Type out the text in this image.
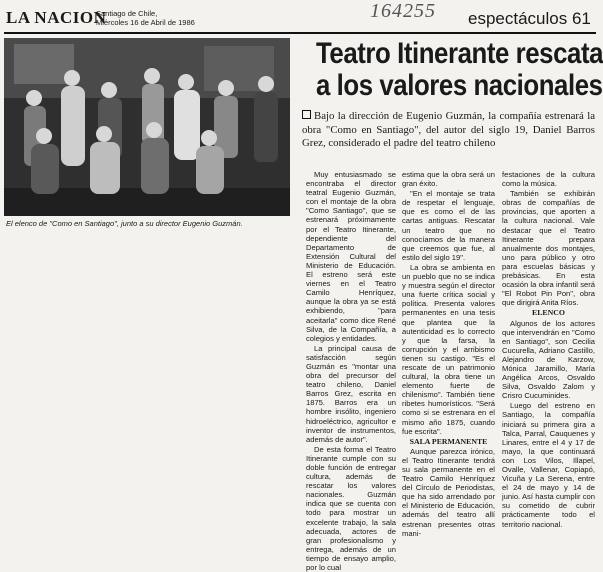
LA NACION
Santiago de Chile,
Miércoles 16 de Abril de 1986
164255 espectáculos 61
El elenco de "Como en Santiago", junto a su director Eugenio Guzmán.
Teatro Itinerante rescata
a los valores nacionales
Bajo la dirección de Eugenio Guzmán, la compañía estrenará la obra "Como en Santiago", del autor del siglo 19, Daniel Barros Grez, considerado el padre del teatro chileno

Muy entusiasmado se encontraba el director teatral Eugenio Guzmán, con el montaje de la obra "Como Santiago", que se estrenará próximamente por el Teatro Itinerante, dependiente del Departamento de Extensión Cultural del Ministerio de Educación. El estreno será este viernes en el Teatro Camilo Henríquez, aunque la obra ya se está exhibiendo, "para aceitarla" como dice René Silva, de la Compañía, a colegios y entidades.

La principal causa de satisfacción según Guzmán es "montar una obra del precursor del teatro chileno, Daniel Barros Grez, escrita en 1875. Barros era un hombre insólito, ingeniero hidroeléctrico, agricultor e inventor de instrumentos, además de autor".

De esta forma el Teatro Itinerante cumple con su doble función de entregar cultura, además de rescatar los valores nacionales. Guzmán indica que se cuenta con todo para mostrar un excelente trabajo, la sala adecuada, actores de gran profesionalismo y entrega, además de un tiempo de ensayo amplio, por lo cual

estima que la obra será un gran éxito.

"En el montaje se trata de respetar el lenguaje, que es como el de las cartas antiguas. Rescatar un teatro que no conocíamos de la manera que creemos que fue, al estilo del siglo 19".

La obra se ambienta en un pueblo que no se indica y muestra según el director una fuerte crítica social y política. Presenta valores permanentes en una tesis que plantea que la autenticidad es lo correcto y que la farsa, la corrupción y el arribismo tienen su castigo. "Es el rescate de un patrimonio cultural, la obra tiene un elemento fuerte de chilenismo". También tiene ribetes humorísticos. "Será como si se estrenara en el mismo año 1875, cuando fue escrita".

SALA PERMANENTE

Aunque parezca irónico, el Teatro Itinerante tendrá su sala permanente en el Teatro Camilo Henríquez del Círculo de Periodistas, que ha sido arrendado por el Ministerio de Educación, además del teatro allí estrenan presentes otras mani-

festaciones de la cultura como la música.

También se exhibirán obras de compañías de provincias, que aporten a la cultura nacional. Vale destacar que el Teatro Itinerante prepara anualmente dos montajes, uno para público y otro para escuelas básicas y prebásicas. En esta ocasión la obra infantil será "El Robot Pin Pon", obra que dirigirá Anita Ríos.

ELENCO

Algunos de los actores que intervendrán en "Como en Santiago", son Cecilia Cucurella, Adriano Castillo, Alejandro de Karzow, Mónica Jaramillo, María Angélica Arcos, Osvaldo Silva, Osvaldo Zalom y Crisro Cucuminides.

Luego del estreno en Santiago, la compañía iniciará su primera gira a Talca, Parral, Cauquenes y Linares, entre el 4 y 17 de mayo, la que continuará con Los Vilos, Illapel, Ovalle, Vallenar, Copiapó, Vicuña y La Serena, entre el 24 de mayo y 14 de junio. Así hasta cumplir con su cometido de cubrir prácticamente todo el territorio nacional.
